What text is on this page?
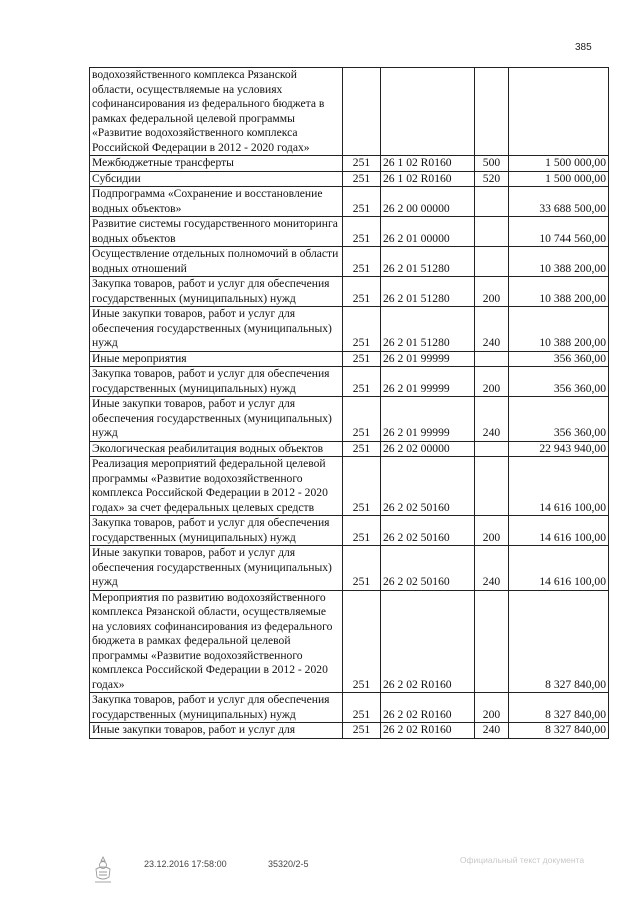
385
водохозяйственного комплекса Рязанской области, осуществляемые на условиях софинансирования из федерального бюджета в рамках федеральной целевой программы «Развитие водохозяйственного комплекса Российской Федерации в 2012 - 2020 годах»				
Межбюджетные трансферты	251	26 1 02 R0160	500	1 500 000,00
Субсидии	251	26 1 02 R0160	520	1 500 000,00
Подпрограмма «Сохранение и восстановление водных объектов»	251	26 2 00 00000		33 688 500,00
Развитие системы государственного мониторинга водных объектов	251	26 2 01 00000		10 744 560,00
Осуществление отдельных полномочий в области водных отношений	251	26 2 01 51280		10 388 200,00
Закупка товаров, работ и услуг для обеспечения государственных (муниципальных) нужд	251	26 2 01 51280	200	10 388 200,00
Иные закупки товаров, работ и услуг для обеспечения государственных (муниципальных) нужд	251	26 2 01 51280	240	10 388 200,00
Иные мероприятия	251	26 2 01 99999		356 360,00
Закупка товаров, работ и услуг для обеспечения государственных (муниципальных) нужд	251	26 2 01 99999	200	356 360,00
Иные закупки товаров, работ и услуг для обеспечения государственных (муниципальных) нужд	251	26 2 01 99999	240	356 360,00
Экологическая реабилитация водных объектов	251	26 2 02 00000		22 943 940,00
Реализация мероприятий федеральной целевой программы «Развитие водохозяйственного комплекса Российской Федерации в 2012 - 2020 годах» за счет федеральных целевых средств	251	26 2 02 50160		14 616 100,00
Закупка товаров, работ и услуг для обеспечения государственных (муниципальных) нужд	251	26 2 02 50160	200	14 616 100,00
Иные закупки товаров, работ и услуг для обеспечения государственных (муниципальных) нужд	251	26 2 02 50160	240	14 616 100,00
Мероприятия по развитию водохозяйственного комплекса Рязанской области, осуществляемые на условиях софинансирования из федерального бюджета в рамках федеральной целевой программы «Развитие водохозяйственного комплекса Российской Федерации в 2012 - 2020 годах»	251	26 2 02 R0160		8 327 840,00
Закупка товаров, работ и услуг для обеспечения государственных (муниципальных) нужд	251	26 2 02 R0160	200	8 327 840,00
Иные закупки товаров, работ и услуг для	251	26 2 02 R0160	240	8 327 840,00
23.12.2016 17:58:00	35320/2-5	Официальный текст документа
